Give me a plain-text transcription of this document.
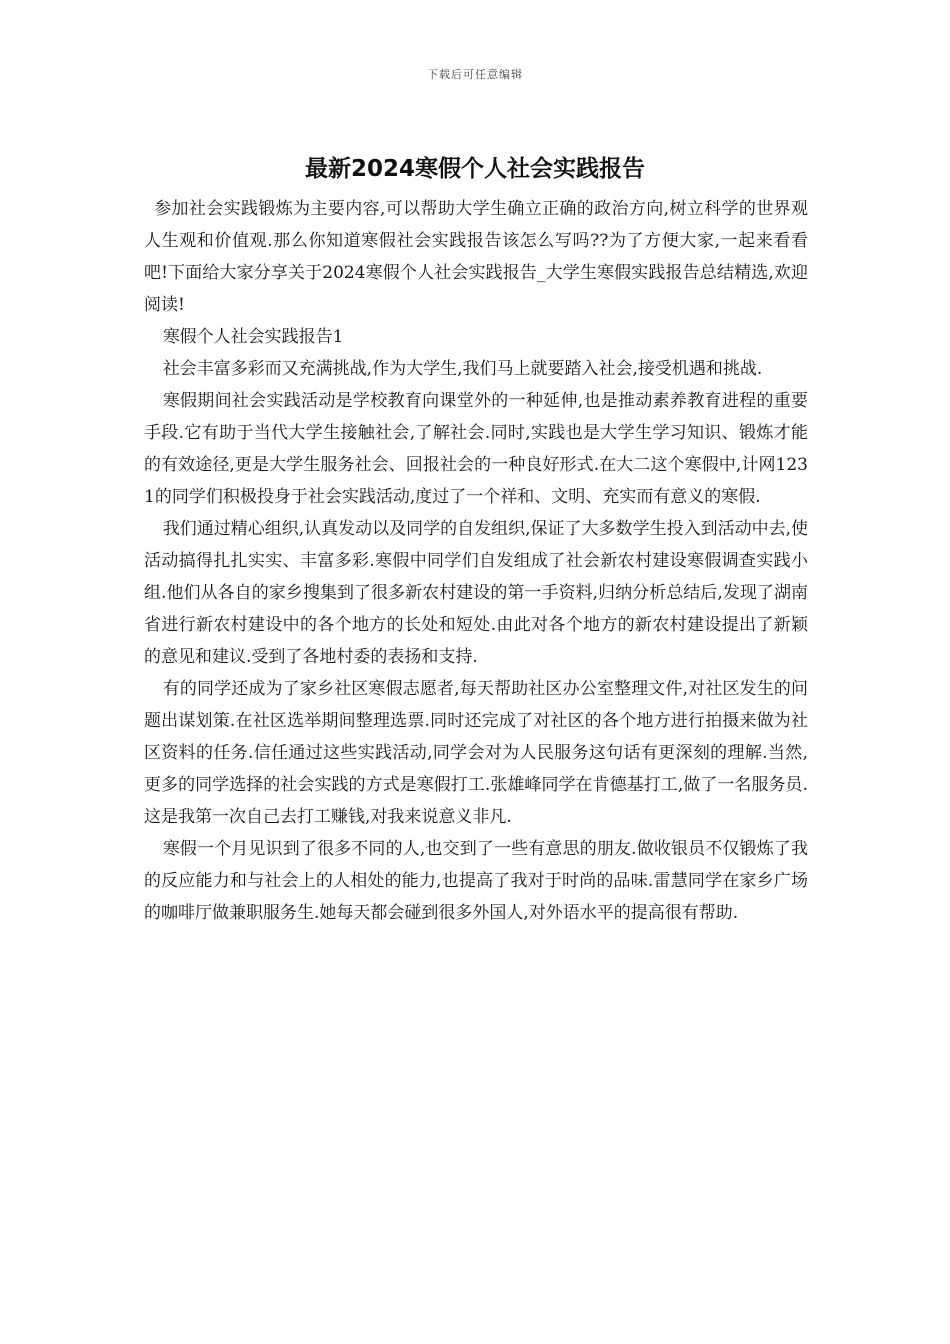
下载后可任意编辑
最新2024寒假个人社会实践报告

参加社会实践锻炼为主要内容,可以帮助大学生确立正确的政治方向,树立科学的世界观人生观和价值观.那么你知道寒假社会实践报告该怎么写吗??为了方便大家,一起来看看吧!下面给大家分享关于2024寒假个人社会实践报告_大学生寒假实践报告总结精选,欢迎阅读!

寒假个人社会实践报告1

社会丰富多彩而又充满挑战,作为大学生,我们马上就要踏入社会,接受机遇和挑战.

寒假期间社会实践活动是学校教育向课堂外的一种延伸,也是推动素养教育进程的重要手段.它有助于当代大学生接触社会,了解社会.同时,实践也是大学生学习知识、锻炼才能的有效途径,更是大学生服务社会、回报社会的一种良好形式.在大二这个寒假中,计网1231的同学们积极投身于社会实践活动,度过了一个祥和、文明、充实而有意义的寒假.

我们通过精心组织,认真发动以及同学的自发组织,保证了大多数学生投入到活动中去,使活动搞得扎扎实实、丰富多彩.寒假中同学们自发组成了社会新农村建设寒假调查实践小组.他们从各自的家乡搜集到了很多新农村建设的第一手资料,归纳分析总结后,发现了湖南省进行新农村建设中的各个地方的长处和短处.由此对各个地方的新农村建设提出了新颖的意见和建议.受到了各地村委的表扬和支持.

有的同学还成为了家乡社区寒假志愿者,每天帮助社区办公室整理文件,对社区发生的问题出谋划策.在社区选举期间整理选票.同时还完成了对社区的各个地方进行拍摄来做为社区资料的任务.信任通过这些实践活动,同学会对为人民服务这句话有更深刻的理解.当然,更多的同学选择的社会实践的方式是寒假打工.张雄峰同学在肯德基打工,做了一名服务员.这是我第一次自己去打工赚钱,对我来说意义非凡.

寒假一个月见识到了很多不同的人,也交到了一些有意思的朋友.做收银员不仅锻炼了我的反应能力和与社会上的人相处的能力,也提高了我对于时尚的品味.雷慧同学在家乡广场的咖啡厅做兼职服务生.她每天都会碰到很多外国人,对外语水平的提高很有帮助.
